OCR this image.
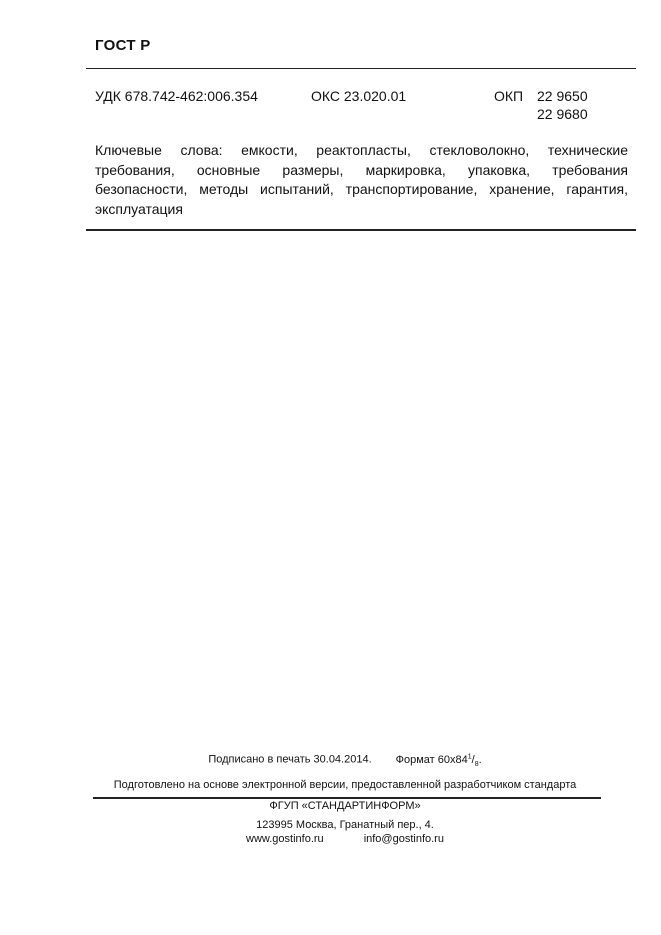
ГОСТ Р
УДК 678.742-462:006.354	ОКС 23.020.01	ОКП 22 9650
22 9680
Ключевые слова: емкости, реактопласты, стекловолокно, технические требования, основные размеры, маркировка, упаковка, требования безопасности, методы испытаний, транспортирование, хранение, гарантия, эксплуатация
Подписано в печать 30.04.2014. Формат $60x84^1/_8$.
Подготовлено на основе электронной версии, предоставленной разработчиком стандарта
ФГУП «СТАНДАРТИНФОРМ»
123995 Москва, Гранатный пер., 4.
www.gostinfo.ru	info@gostinfo.ru
